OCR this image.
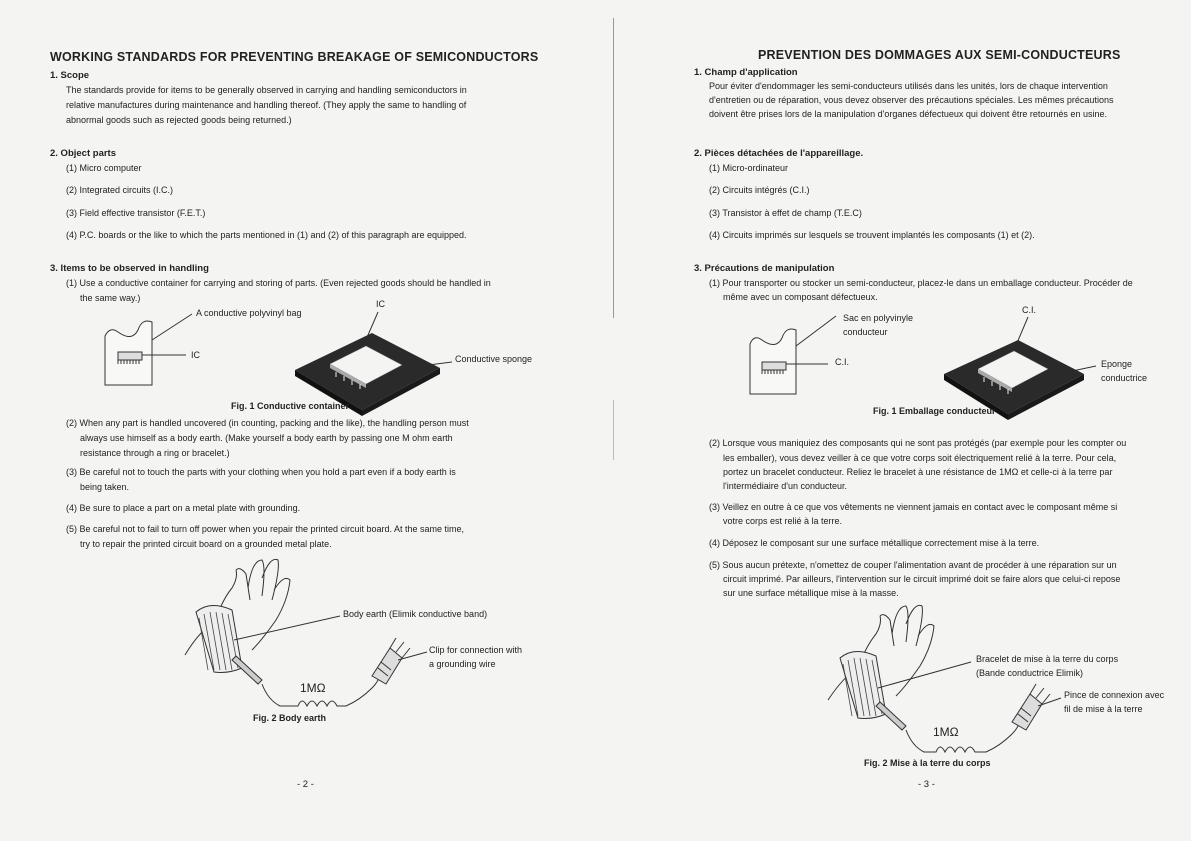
WORKING STANDARDS FOR PREVENTING BREAKAGE OF SEMICONDUCTORS

1. Scope

The standards provide for items to be generally observed in carrying and handling semiconductors in

relative manufactures during maintenance and handling thereof. (They apply the same to handling of

abnormal goods such as rejected goods being returned.)

2. Object parts

(1) Micro computer

(2) Integrated circuits (I.C.)

(3) Field effective transistor (F.E.T.)

(4) P.C. boards or the like to which the parts mentioned in (1) and (2) of this paragraph are equipped.

3. Items to be observed in handling

(1) Use a conductive container for carrying and storing of parts. (Even rejected goods should be handled in

the same way.)

A conductive polyvinyl bag

IC

IC

Conductive sponge

Fig. 1 Conductive container

(2) When any part is handled uncovered (in counting, packing and the like), the handling person must

always use himself as a body earth. (Make yourself a body earth by passing one M ohm earth

resistance through a ring or bracelet.)

(3) Be careful not to touch the parts with your clothing when you hold a part even if a body earth is

being taken.

(4) Be sure to place a part on a metal plate with grounding.

(5) Be careful not to fail to turn off power when you repair the printed circuit board. At the same time,

try to repair the printed circuit board on a grounded metal plate.

Body earth (Elimik conductive band)

Clip for connection with

a grounding wire

1MΩ

Fig. 2 Body earth

- 2 -

PREVENTION DES DOMMAGES AUX SEMI-CONDUCTEURS

1. Champ d'application

Pour éviter d'endommager les semi-conducteurs utilisés dans les unités, lors de chaque intervention

d'entretien ou de réparation, vous devez observer des précautions spéciales. Les mêmes précautions

doivent être prises lors de la manipulation d'organes défectueux qui doivent être retournés en usine.

2. Pièces détachées de l'appareillage.

(1) Micro-ordinateur

(2) Circuits intégrés (C.I.)

(3) Transistor à effet de champ (T.E.C)

(4) Circuits imprimés sur lesquels se trouvent implantés les composants (1) et (2).

3. Précautions de manipulation

(1) Pour transporter ou stocker un semi-conducteur, placez-le dans un emballage conducteur. Procéder de

même avec un composant défectueux.

Sac en polyvinyle

conducteur

C.I.

C.I.

Eponge

conductrice

Fig. 1 Emballage conducteur

(2) Lorsque vous maniquiez des composants qui ne sont pas protégés (par exemple pour les compter ou

les emballer), vous devez veiller à ce que votre corps soit électriquement relié à la terre. Pour cela,

portez un bracelet conducteur. Reliez le bracelet à une résistance de 1MΩ et celle-ci à la terre par

l'intermédiaire d'un conducteur.

(3) Veillez en outre à ce que vos vêtements ne viennent jamais en contact avec le composant même si

votre corps est relié à la terre.

(4) Déposez le composant sur une surface métallique correctement mise à la terre.

(5) Sous aucun prétexte, n'omettez de couper l'alimentation avant de procéder à une réparation sur un

circuit imprimé. Par ailleurs, l'intervention sur le circuit imprimé doit se faire alors que celui-ci repose

sur une surface métallique mise à la masse.

Bracelet de mise à la terre du corps

(Bande conductrice Elimik)

Pince de connexion avec

fil de mise à la terre

1MΩ

Fig. 2 Mise à la terre du corps

- 3 -
